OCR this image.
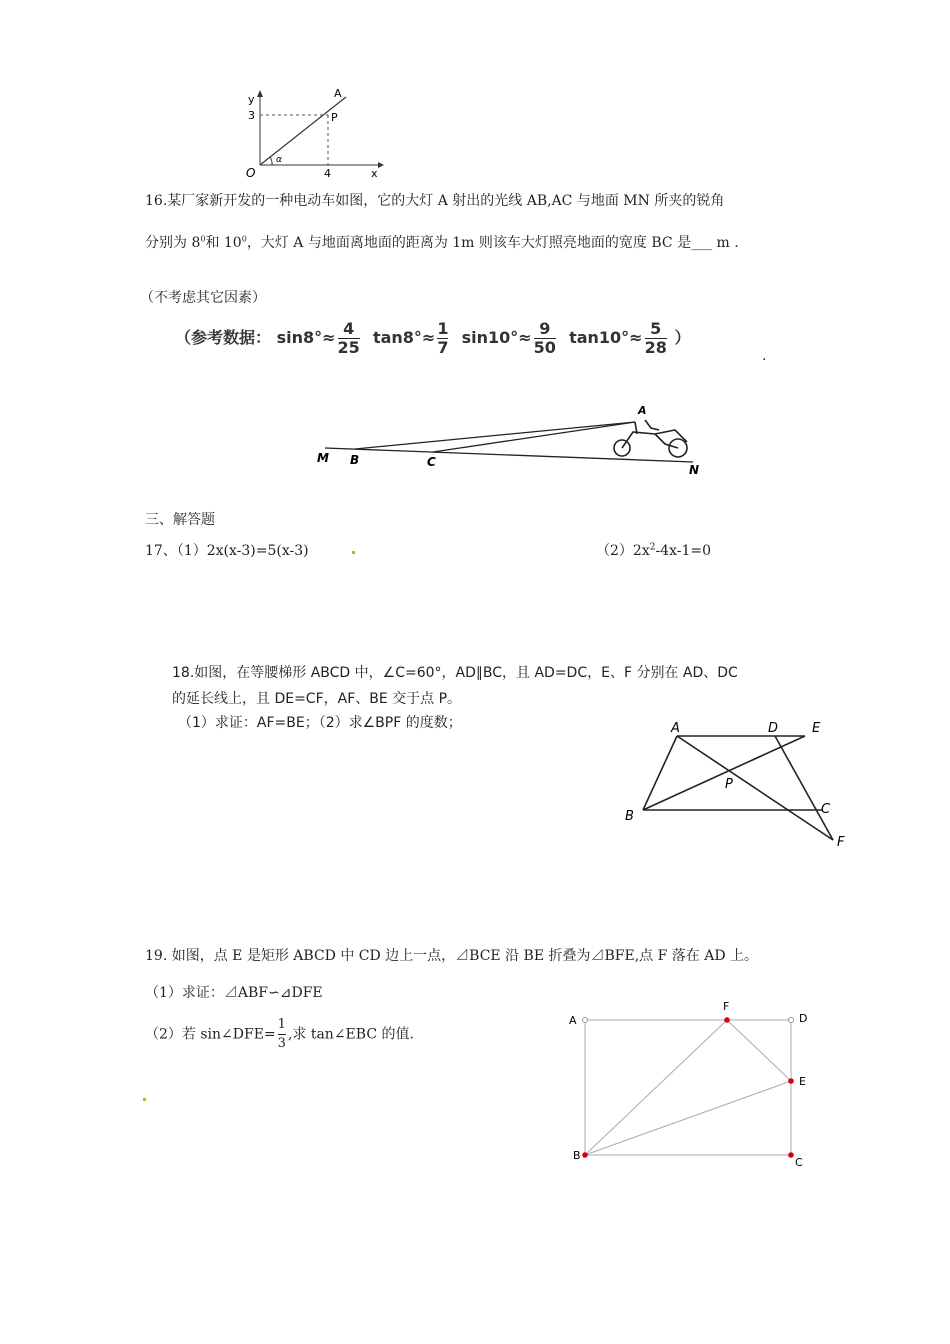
y
x
O
A
P
3
4
α
16.某厂家新开发的一种电动车如图，它的大灯 A 射出的光线 AB,AC 与地面 MN 所夹的锐角
分别为 $8^0$和 $10^0$，大灯 A 与地面离地面的距离为 1m 则该车大灯照亮地面的宽度 BC 是___ m .
（不考虑其它因素）
（参考数据： $\sin 8^\circ\approx \frac{4}{25} \tan 8^\circ\approx \frac{1}{7} \sin 10^\circ\approx \frac{9}{50} \tan 10^\circ\approx \frac{5}{28}$ ）
.
M B	C
N
A
三、解答题
17、（1）2x(x-3)=5(x-3)	$(2)2x^2-4x-1=0$
18.如图，在等腰梯形 ABCD 中，∠C=60°，AD∥BC，且 AD=DC，E、F 分别在 AD、DC
的延长线上，且 DE=CF，AF、BE 交于点 P。
（1）求证：AF=BE；（2）求∠BPF 的度数；	A	D	E
P
B	C
F
19. 如图，点 E 是矩形 ABCD 中 CD 边上一点，⊿BCE 沿 BE 折叠为⊿BFE,点 F 落在 AD 上。
（1）求证：⊿ABF∽⊿DFE
（2）若 sin∠DFE= $\frac{1}{3}$ ,求 tan∠EBC 的值.
A
F
D
E
B
C
